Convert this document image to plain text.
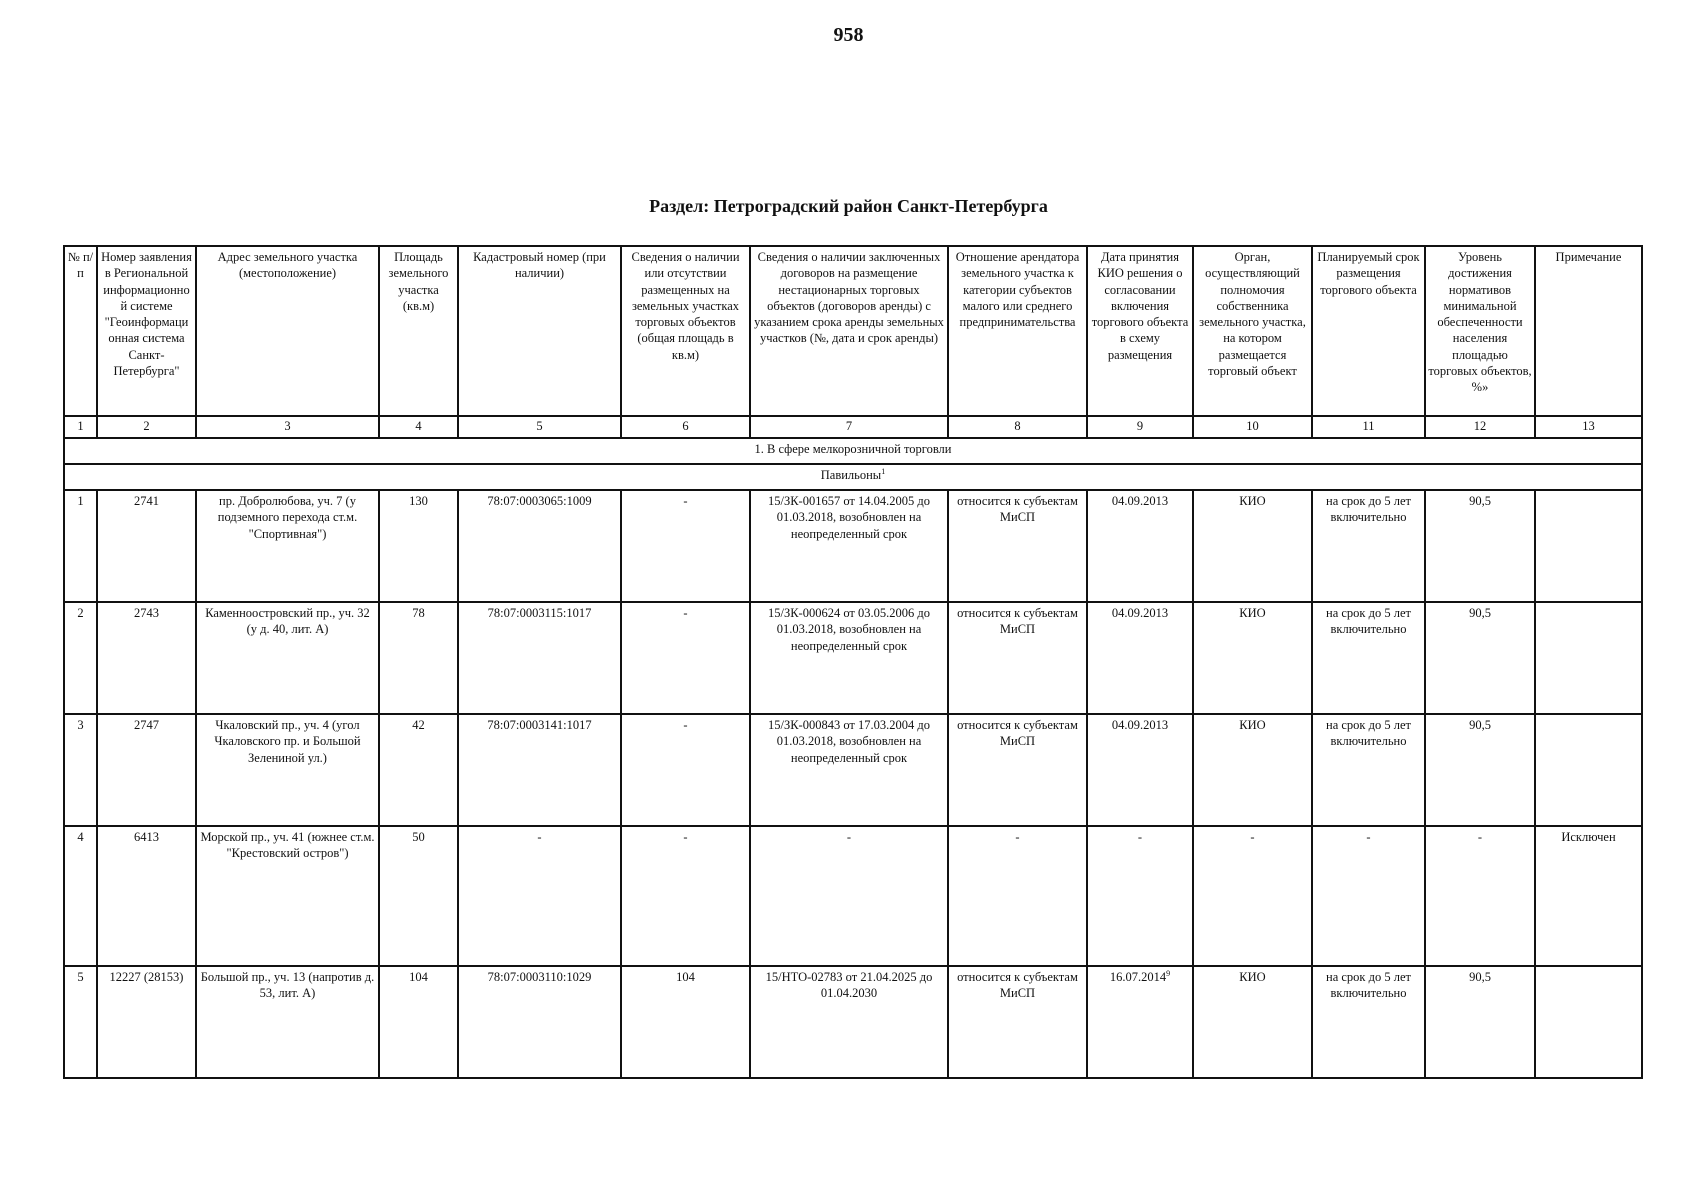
958
Раздел: Петроградский район Санкт-Петербурга
№ п/п	Номер заявления в Региональной информационно й системе "Геоинформаци онная система Санкт-Петербурга"	Адрес земельного участка (местоположение)	Площадь земельного участка (кв.м)	Кадастровый номер (при наличии)	Сведения о наличии или отсутствии размещенных на земельных участках торговых объектов (общая площадь в кв.м)	Сведения о наличии заключенных договоров на размещение нестационарных торговых объектов (договоров аренды) с указанием срока аренды земельных участков (№, дата и срок аренды)	Отношение арендатора земельного участка к категории субъектов малого или среднего предпринимательства	Дата принятия КИО решения о согласовании включения торгового объекта в схему размещения	Орган, осуществляющий полномочия собственника земельного участка, на котором размещается торговый объект	Планируемый срок размещения торгового объекта	Уровень достижения нормативов минимальной обеспеченности населения площадью торговых объектов, %»	Примечание
1	2	3	4	5	6	7	8	9	10	11	12	13
1. В сфере мелкорозничной торговли												
Павильоны$^1$
1	2741	пр. Добролюбова, уч. 7 (у подземного перехода ст.м. "Спортивная")	130	78:07:0003065:1009	-	15/ЗК-001657 от 14.04.2005 до 01.03.2018, возобновлен на неопределенный срок	относится к субъектам МиСП	04.09.2013	КИО	на срок до 5 лет включительно	90,5	
2	2743	Каменноостровский пр., уч. 32 (у д. 40, лит. А)	78	78:07:0003115:1017	-	15/ЗК-000624 от 03.05.2006 до 01.03.2018, возобновлен на неопределенный срок	относится к субъектам МиСП	04.09.2013	КИО	на срок до 5 лет включительно	90,5	
3	2747	Чкаловский пр., уч. 4 (угол Чкаловского пр. и Большой Зелениной ул.)	42	78:07:0003141:1017	-	15/ЗК-000843 от 17.03.2004 до 01.03.2018, возобновлен на неопределенный срок	относится к субъектам МиСП	04.09.2013	КИО	на срок до 5 лет включительно	90,5	
4	6413	Морской пр., уч. 41 (южнее ст.м. "Крестовский остров")	50	-	-	-	-	-	-	-	-	Исключен
5	12227 (28153)	Большой пр., уч. 13 (напротив д. 53, лит. А)	104	78:07:0003110:1029	104	15/НТО-02783 от 21.04.2025 до 01.04.2030	относится к субъектам МиСП	16.07.2014$^9$	КИО	на срок до 5 лет включительно	90,5	
